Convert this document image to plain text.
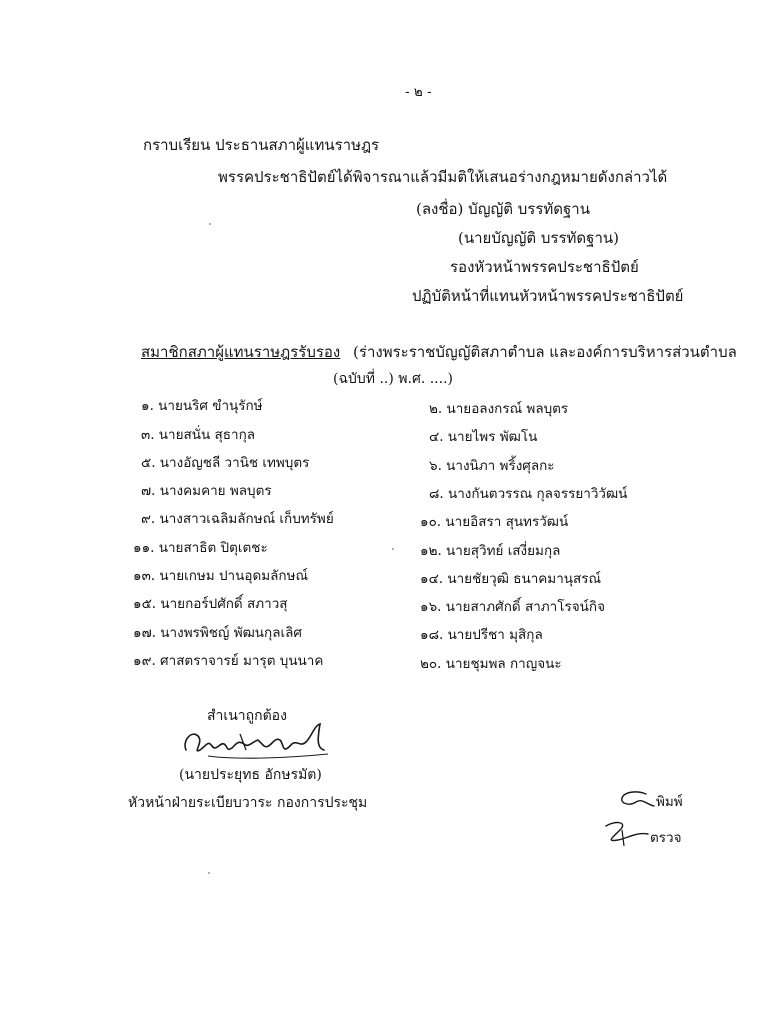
- ๒ -
กราบเรียน ประธานสภาผู้แทนราษฎร
พรรคประชาธิปัตย์ได้พิจารณาแล้วมีมติให้เสนอร่างกฎหมายดังกล่าวได้
(ลงชื่อ) บัญญัติ บรรทัดฐาน
(นายบัญญัติ บรรทัดฐาน)
รองหัวหน้าพรรคประชาธิปัตย์
ปฏิบัติหน้าที่แทนหัวหน้าพรรคประชาธิปัตย์
สมาชิกสภาผู้แทนราษฎรรับรอง (ร่างพระราชบัญญัติสภาตำบล และองค์การบริหารส่วนตำบล
(ฉบับที่ ..) พ.ศ. ....)
๑. นายนริศ ขำนุรักษ์
๓. นายสนั่น สุธากุล
๕. นางอัญชลี วานิช เทพบุตร
๗. นางคมคาย พลบุตร
๙. นางสาวเฉลิมลักษณ์ เก็บทรัพย์
๑๑. นายสาธิต ปิตุเตชะ
๑๓. นายเกษม ปานอุดมลักษณ์
๑๕. นายกอร์ปศักดิ์ สภาวสุ
๑๗. นางพรพิชญ์ พัฒนกุลเลิศ
๑๙. ศาสตราจารย์ มารุต บุนนาค
๒. นายอลงกรณ์ พลบุตร
๔. นายไพร พัฒโน
๖. นางนิภา พริ้งศุลกะ
๘. นางกันตวรรณ กุลจรรยาวิวัฒน์
๑๐. นายอิสรา สุนทรวัฒน์
๑๒. นายสุวิทย์ เสงี่ยมกุล
๑๔. นายชัยวุฒิ ธนาคมานุสรณ์
๑๖. นายสาภศักดิ์ สาภาโรจน์กิจ
๑๘. นายปรีชา มุสิกุล
๒๐. นายชุมพล กาญจนะ
สำเนาถูกต้อง
(นายประยุทธ อักษรมัต)
หัวหน้าฝ่ายระเบียบวาระ กองการประชุม	พิมพ์
ตรวจ
